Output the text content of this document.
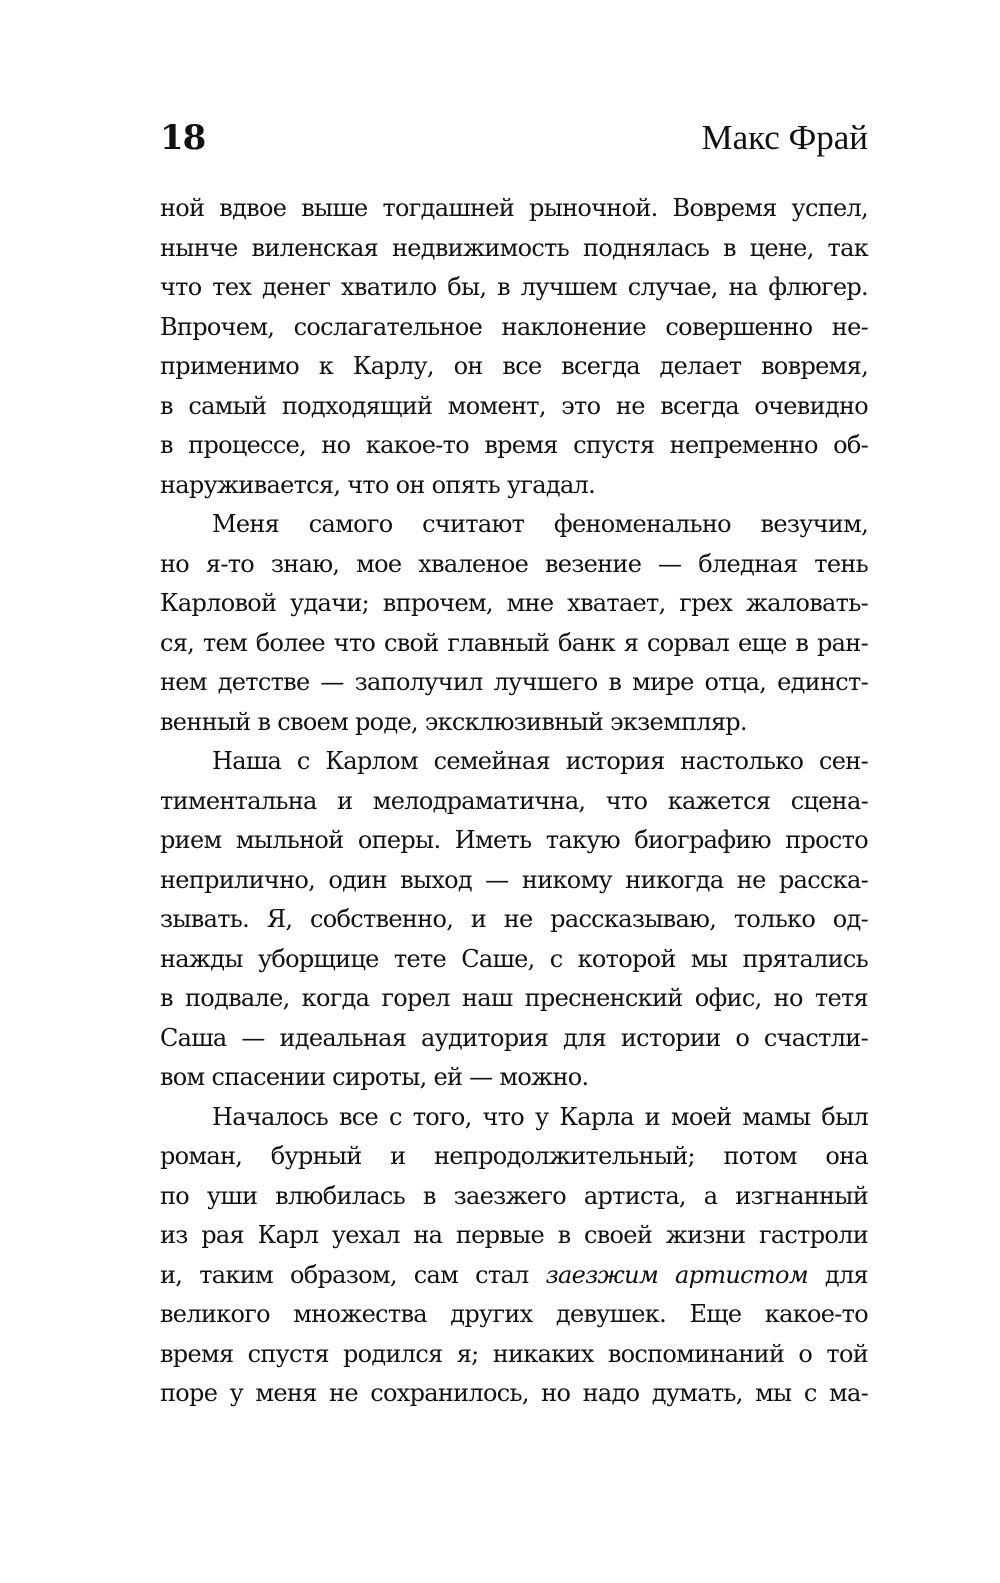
18	Макс Фрай
ной вдвое выше тогдашней рыночной. Вовремя успел,
нынче виленская недвижимость поднялась в цене, так
что тех денег хватило бы, в лучшем случае, на флюгер.
Впрочем, сослагательное наклонение совершенно не-
применимо к Карлу, он все всегда делает вовремя,
в самый подходящий момент, это не всегда очевидно
в процессе, но какое-то время спустя непременно об-
наруживается, что он опять угадал.
Меня самого считают феноменально везучим,
но я-то знаю, мое хваленое везение — бледная тень
Карловой удачи; впрочем, мне хватает, грех жаловать-
ся, тем более что свой главный банк я сорвал еще в ран-
нем детстве — заполучил лучшего в мире отца, единст-
венный в своем роде, эксклюзивный экземпляр.
Наша с Карлом семейная история настолько сен-
тиментальна и мелодраматична, что кажется сцена-
рием мыльной оперы. Иметь такую биографию просто
неприлично, один выход — никому никогда не расска-
зывать. Я, собственно, и не рассказываю, только од-
нажды уборщице тете Саше, с которой мы прятались
в подвале, когда горел наш пресненский офис, но тетя
Саша — идеальная аудитория для истории о счастли-
вом спасении сироты, ей — можно.
Началось все с того, что у Карла и моей мамы был
роман, бурный и непродолжительный; потом она
по уши влюбилась в заезжего артиста, а изгнанный
из рая Карл уехал на первые в своей жизни гастроли
и, таким образом, сам стал заезжим артистом для
великого множества других девушек. Еще какое-то
время спустя родился я; никаких воспоминаний о той
поре у меня не сохранилось, но надо думать, мы с ма-
